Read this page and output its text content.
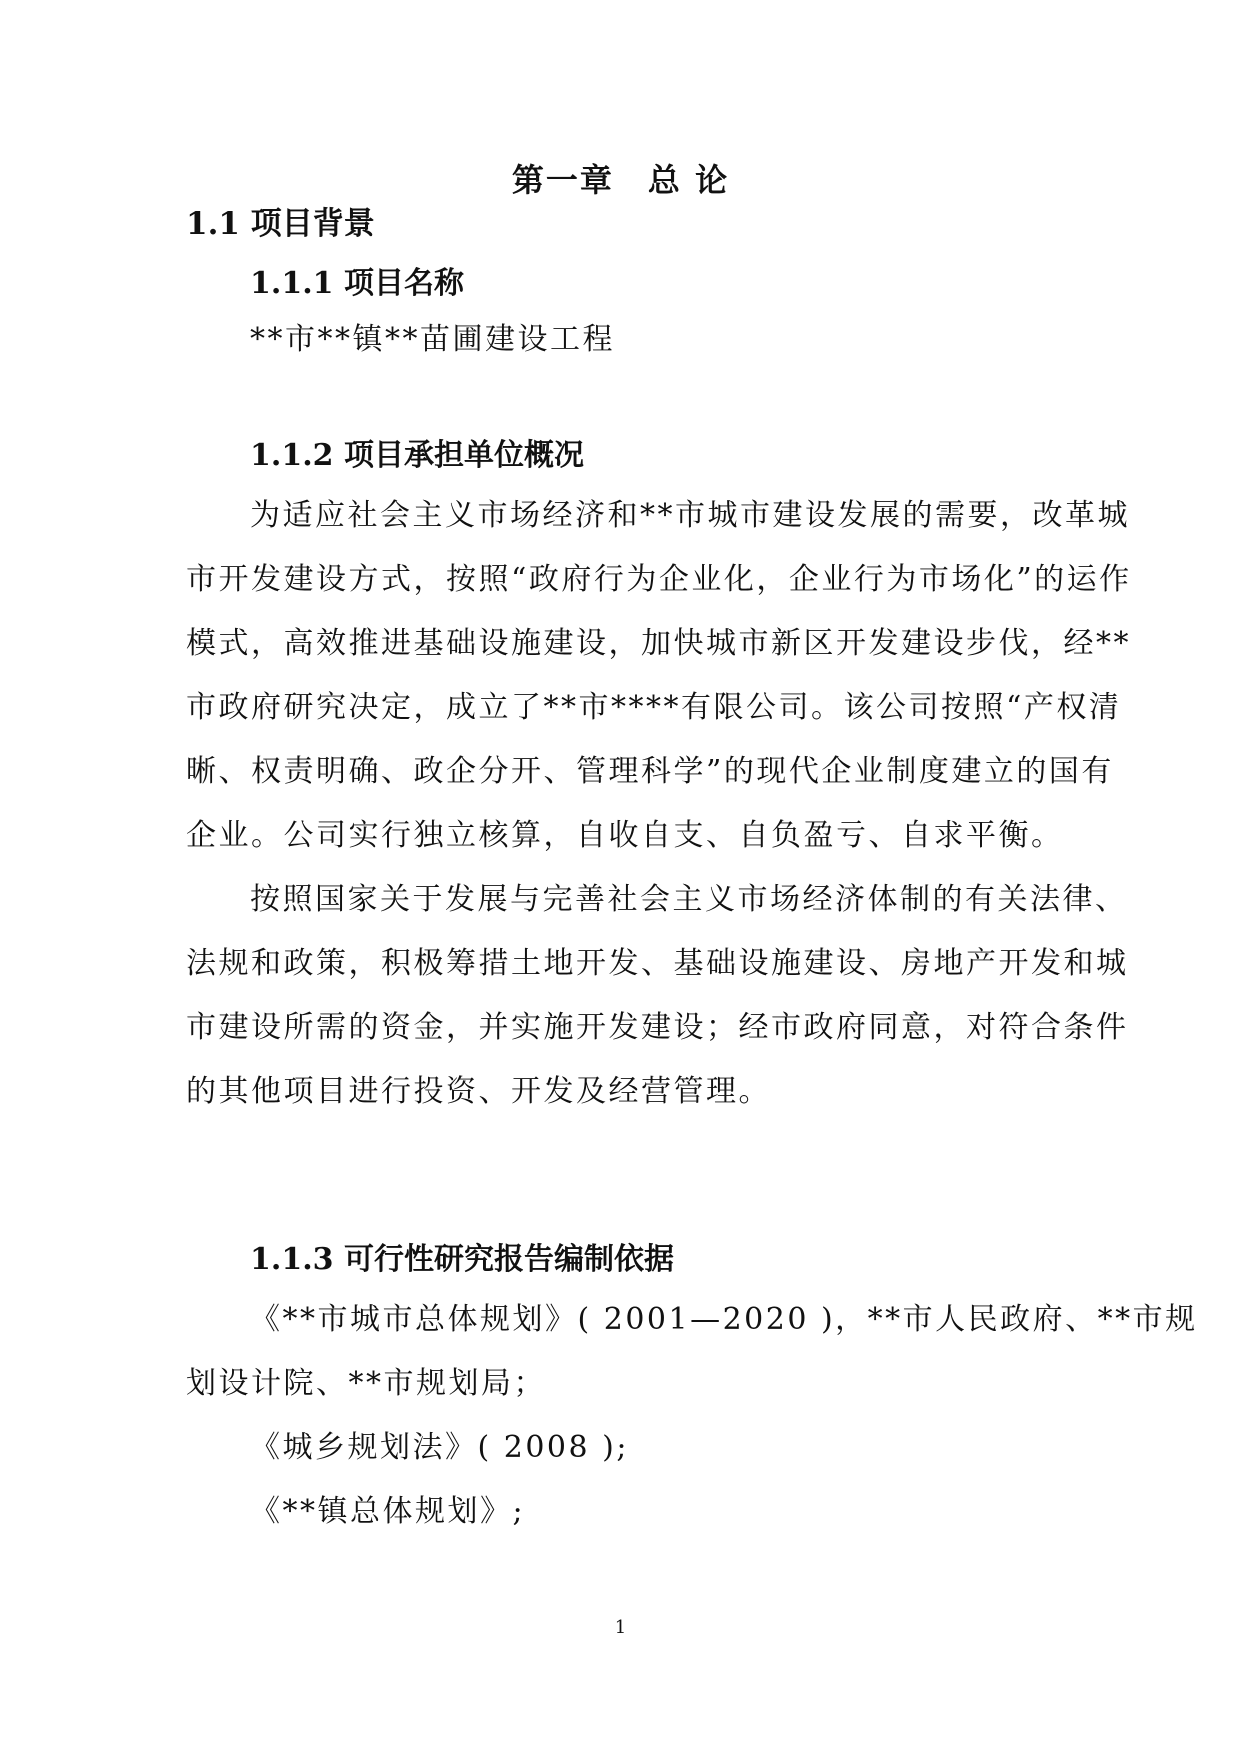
第一章　总 论
1.1 项目背景
1.1.1 项目名称
**市**镇**苗圃建设工程
1.1.2 项目承担单位概况
为适应社会主义市场经济和**市城市建设发展的需要，改革城
市开发建设方式，按照“政府行为企业化，企业行为市场化”的运作
模式，高效推进基础设施建设，加快城市新区开发建设步伐，经**
市政府研究决定，成立了**市****有限公司。该公司按照“产权清
晰、权责明确、政企分开、管理科学”的现代企业制度建立的国有
企业。公司实行独立核算，自收自支、自负盈亏、自求平衡。
按照国家关于发展与完善社会主义市场经济体制的有关法律、
法规和政策，积极筹措土地开发、基础设施建设、房地产开发和城
市建设所需的资金，并实施开发建设；经市政府同意，对符合条件
的其他项目进行投资、开发及经营管理。
1.1.3 可行性研究报告编制依据
《**市城市总体规划》( 2001—2020 )，**市人民政府、**市规
划设计院、**市规划局；
《城乡规划法》( 2008 );
《**镇总体规划》;
1
